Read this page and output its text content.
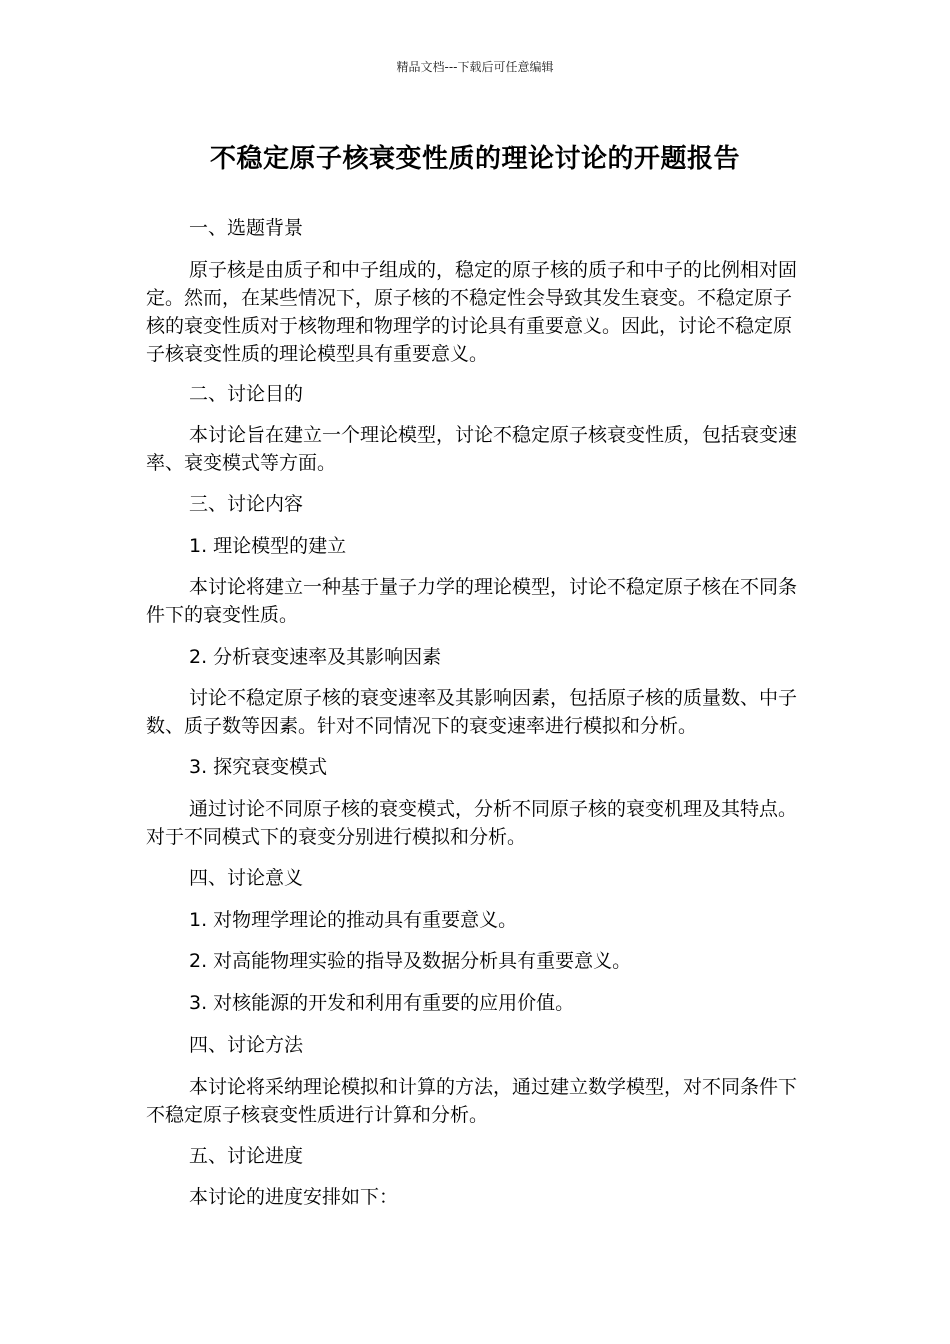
精品文档---下载后可任意编辑
不稳定原子核衰变性质的理论讨论的开题报告
一、选题背景
原子核是由质子和中子组成的，稳定的原子核的质子和中子的比例相对固定。然而，在某些情况下，原子核的不稳定性会导致其发生衰变。不稳定原子核的衰变性质对于核物理和物理学的讨论具有重要意义。因此，讨论不稳定原子核衰变性质的理论模型具有重要意义。
二、讨论目的
本讨论旨在建立一个理论模型，讨论不稳定原子核衰变性质，包括衰变速率、衰变模式等方面。
三、讨论内容
1. 理论模型的建立
本讨论将建立一种基于量子力学的理论模型，讨论不稳定原子核在不同条件下的衰变性质。
2. 分析衰变速率及其影响因素
讨论不稳定原子核的衰变速率及其影响因素，包括原子核的质量数、中子数、质子数等因素。针对不同情况下的衰变速率进行模拟和分析。
3. 探究衰变模式
通过讨论不同原子核的衰变模式，分析不同原子核的衰变机理及其特点。对于不同模式下的衰变分别进行模拟和分析。
四、讨论意义
1. 对物理学理论的推动具有重要意义。
2. 对高能物理实验的指导及数据分析具有重要意义。
3. 对核能源的开发和利用有重要的应用价值。
四、讨论方法
本讨论将采纳理论模拟和计算的方法，通过建立数学模型，对不同条件下不稳定原子核衰变性质进行计算和分析。
五、讨论进度
本讨论的进度安排如下：
